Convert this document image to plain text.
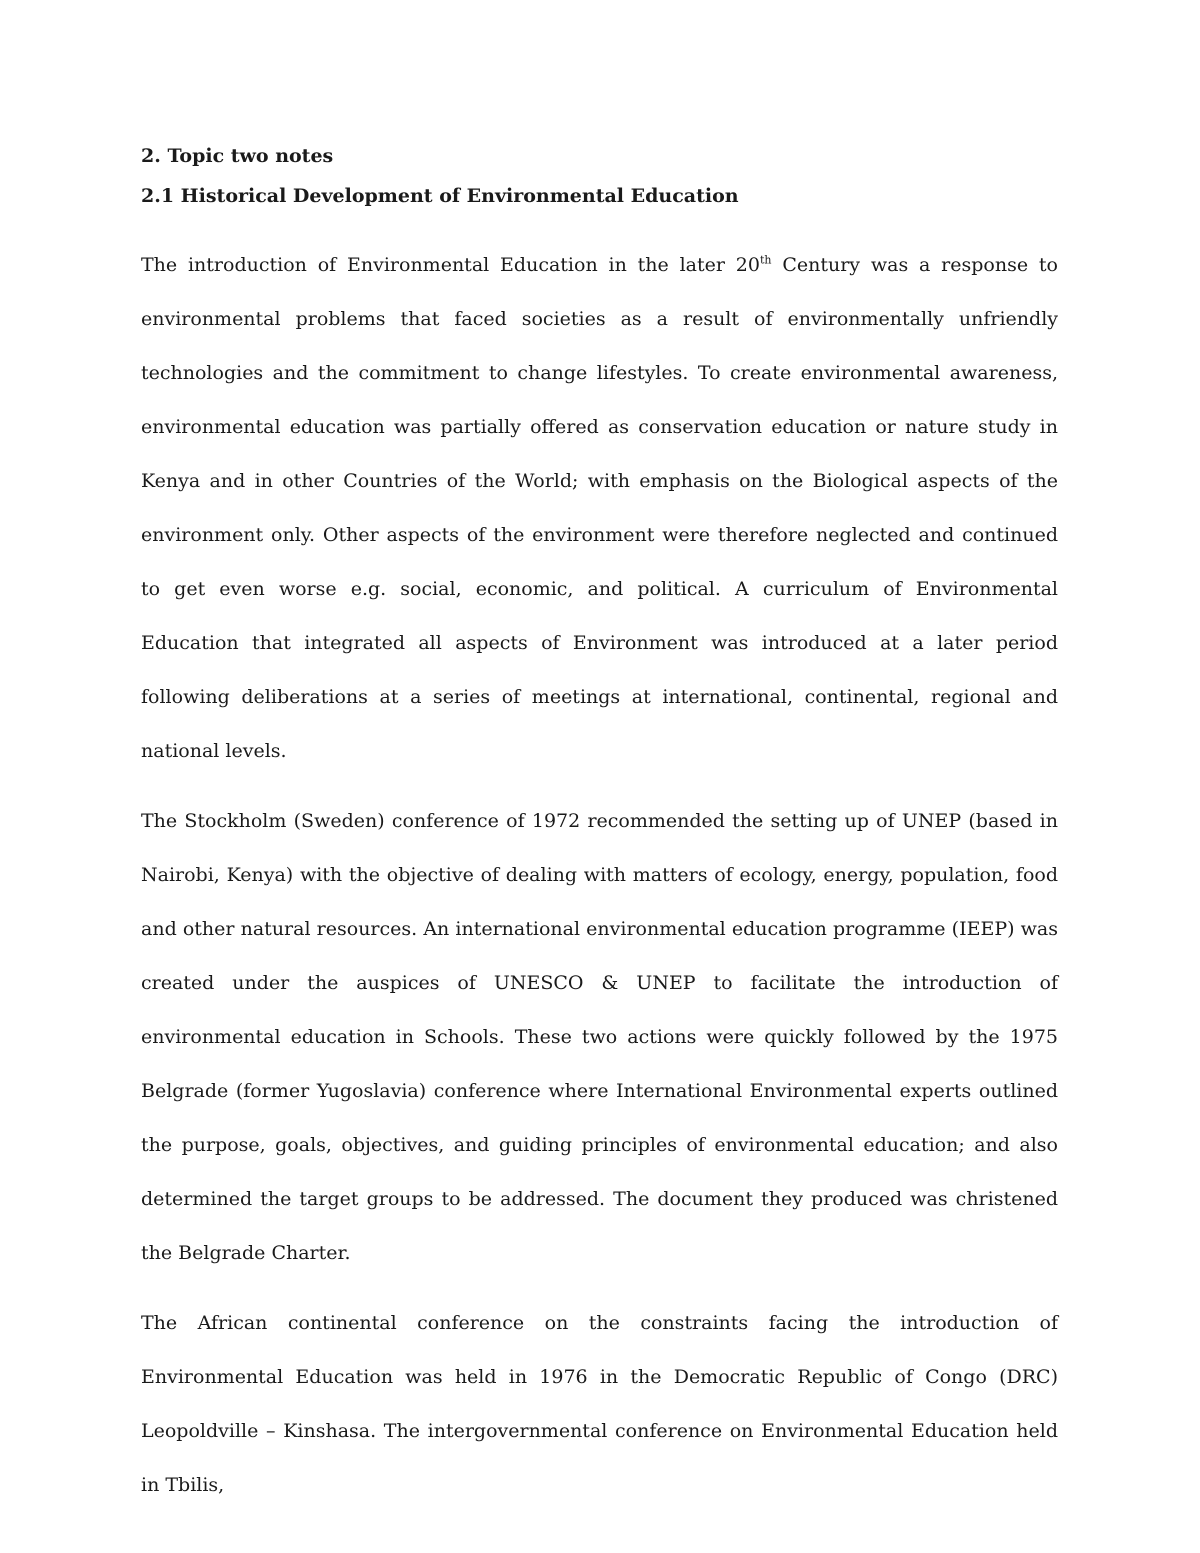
2. Topic two notes

2.1 Historical Development of Environmental Education

The introduction of Environmental Education in the later 20th Century was a response to environmental problems that faced societies as a result of environmentally unfriendly technologies and the commitment to change lifestyles. To create environmental awareness, environmental education was partially offered as conservation education or nature study in Kenya and in other Countries of the World; with emphasis on the Biological aspects of the environment only. Other aspects of the environment were therefore neglected and continued to get even worse e.g. social, economic, and political. A curriculum of Environmental Education that integrated all aspects of Environment was introduced at a later period following deliberations at a series of meetings at international, continental, regional and national levels.

The Stockholm (Sweden) conference of 1972 recommended the setting up of UNEP (based in Nairobi, Kenya) with the objective of dealing with matters of ecology, energy, population, food and other natural resources. An international environmental education programme (IEEP) was created under the auspices of UNESCO & UNEP to facilitate the introduction of environmental education in Schools. These two actions were quickly followed by the 1975 Belgrade (former Yugoslavia) conference where International Environmental experts outlined the purpose, goals, objectives, and guiding principles of environmental education; and also determined the target groups to be addressed. The document they produced was christened the Belgrade Charter.

The African continental conference on the constraints facing the introduction of Environmental Education was held in 1976 in the Democratic Republic of Congo (DRC) Leopoldville – Kinshasa. The intergovernmental conference on Environmental Education held in Tbilis,
